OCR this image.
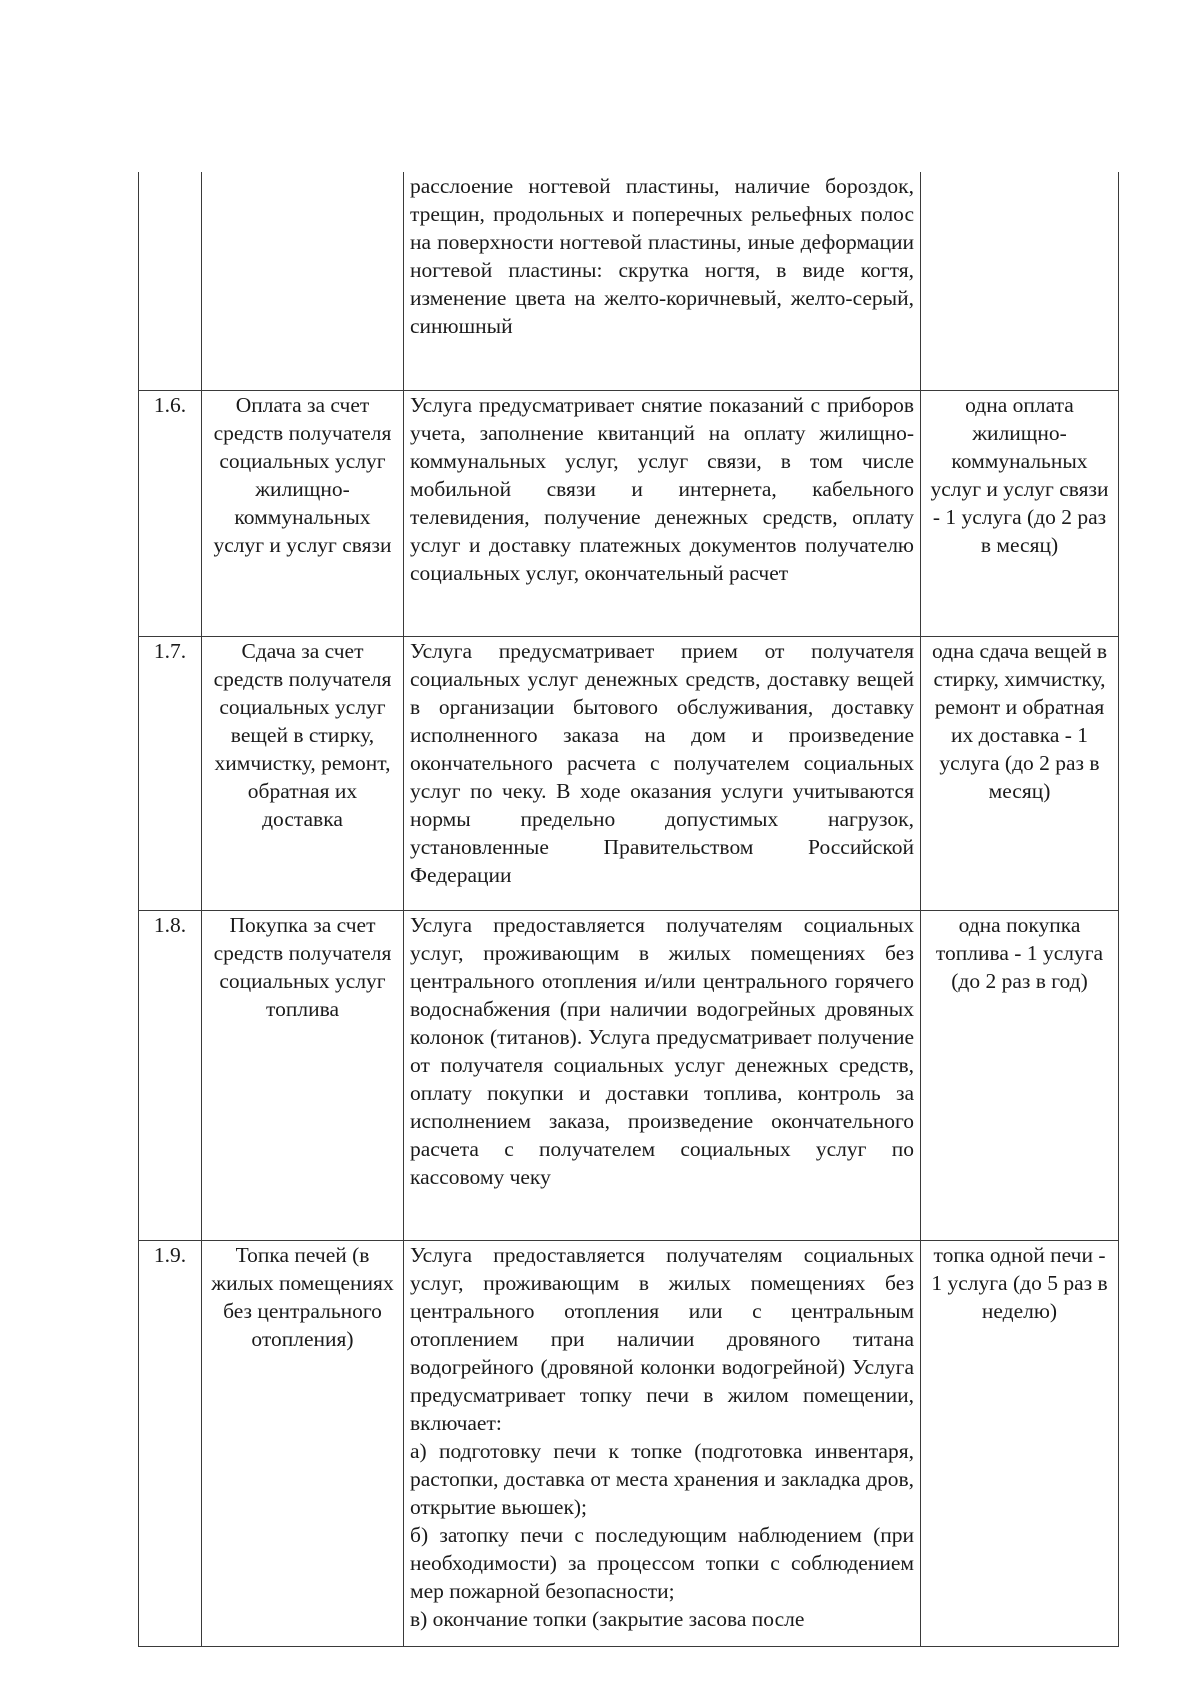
		расслоение ногтевой пластины, наличие бороздок, трещин, продольных и поперечных рельефных полос на поверхности ногтевой пластины, иные деформации ногтевой пластины: скрутка ногтя, в виде когтя, изменение цвета на желто-коричневый, желто-серый, синюшный	

1.6.	Оплата за счет средств получателя социальных услуг жилищно-коммунальных услуг и услуг связи	Услуга предусматривает снятие показаний с приборов учета, заполнение квитанций на оплату жилищно-коммунальных услуг, услуг связи, в том числе мобильной связи и интернета, кабельного телевидения, получение денежных средств, оплату услуг и доставку платежных документов получателю социальных услуг, окончательный расчет	одна оплата жилищно-коммунальных услуг и услуг связи - 1 услуга (до 2 раз в месяц)
1.7.	Сдача за счет средств получателя социальных услуг вещей в стирку, химчистку, ремонт, обратная их доставка	Услуга предусматривает прием от получателя социальных услуг денежных средств, доставку вещей в организации бытового обслуживания, доставку исполненного заказа на дом и произведение окончательного расчета с получателем социальных услуг по чеку. В ходе оказания услуги учитываются нормы предельно допустимых нагрузок, установленные Правительством Российской Федерации	одна сдача вещей в стирку, химчистку, ремонт и обратная их доставка - 1 услуга (до 2 раз в месяц)
1.8.	Покупка за счет средств получателя социальных услуг топлива	Услуга предоставляется получателям социальных услуг, проживающим в жилых помещениях без центрального отопления и/или центрального горячего водоснабжения (при наличии водогрейных дровяных колонок (титанов). Услуга предусматривает получение от получателя социальных услуг денежных средств, оплату покупки и доставки топлива, контроль за исполнением заказа, произведение окончательного расчета с получателем социальных услуг по кассовому чеку	одна покупка топлива - 1 услуга (до 2 раз в год)
1.9.	Топка печей (в жилых помещениях без центрального отопления)	Услуга предоставляется получателям социальных услуг, проживающим в жилых помещениях без центрального отопления или с центральным отоплением при наличии дровяного титана водогрейного (дровяной колонки водогрейной) Услуга предусматривает топку печи в жилом помещении, включает:
а) подготовку печи к топке (подготовка инвентаря, растопки, доставка от места хранения и закладка дров, открытие вьюшек);
б) затопку печи с последующим наблюдением (при необходимости) за процессом топки с соблюдением мер пожарной безопасности;
в) окончание топки (закрытие засова после	топка одной печи - 1 услуга (до 5 раз в неделю)
